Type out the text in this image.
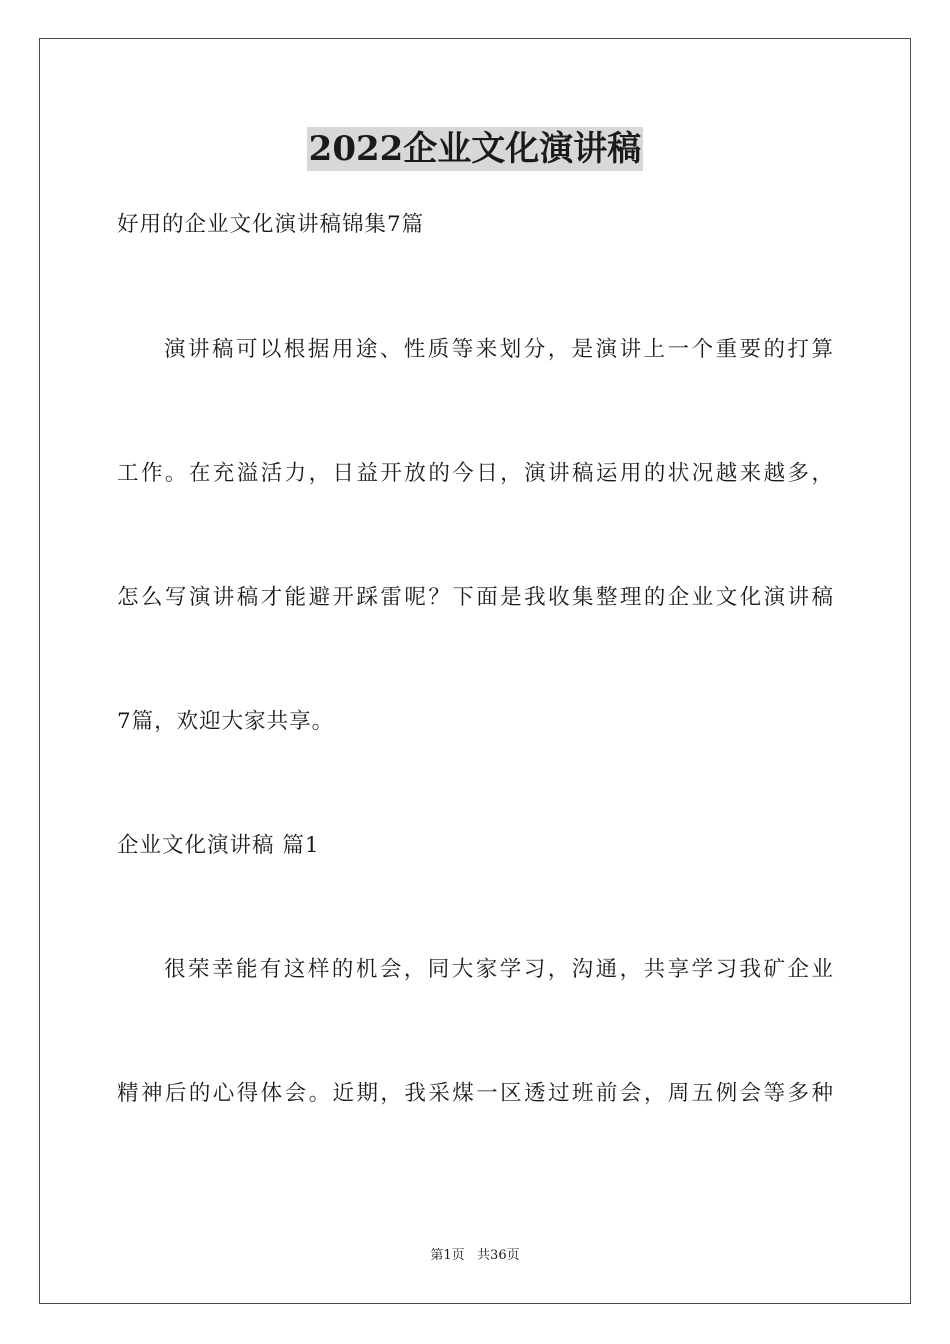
2022企业文化演讲稿
好用的企业文化演讲稿锦集7篇
演讲稿可以根据用途、性质等来划分，是演讲上一个重要的打算
工作。在充溢活力，日益开放的今日，演讲稿运用的状况越来越多，
怎么写演讲稿才能避开踩雷呢？下面是我收集整理的企业文化演讲稿
7篇，欢迎大家共享。
企业文化演讲稿 篇1
很荣幸能有这样的机会，同大家学习，沟通，共享学习我矿企业
精神后的心得体会。近期，我采煤一区透过班前会，周五例会等多种
第1页   共36页
